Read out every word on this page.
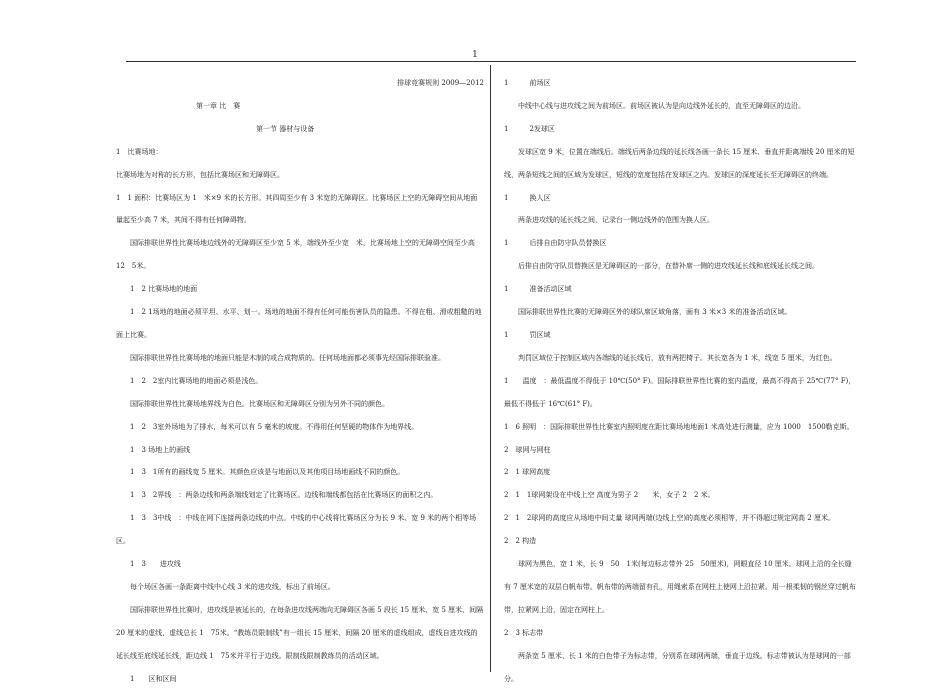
1

排球竞赛规则 2009—2012

第一章 比　赛

第一节 器材与设备

1　比赛场地：

比赛场地为对称的长方形，包括比赛场区和无障碍区。

1　1 面积：比赛场区为 1　米×9 米的长方形。其四周至少有 3 米宽的无障碍区。比赛场区上空的无障碍空间从地面量起至少高 7 米，其间不得有任何障碍物。

国际排联世界性比赛场地边线外的无障碍区至少宽 5 米，端线外至少宽　米，比赛场地上空的无障碍空间至少高 12　5米。

1　2 比赛场地的地面

1　2 1场地的地面必须平坦、水平、划一。场地的地面不得有任何可能伤害队员的隐患。不得在粗、滑或粗糙的地面上比赛。

国际排联世界性比赛场地的地面只能是木制的或合成物质的。任何场地面都必须事先经国际排联验准。

1　2　2室内比赛场地的地面必须是浅色。

国际排联世界性比赛场地界线为白色。比赛场区和无障碍区分别为另外不同的颜色。

1　2　3室外场地为了排水，每米可以有 5 毫米的坡度。不得用任何坚硬的物体作为地界线。

1　3 场地上的画线

1　3　1所有的画线宽 5 厘米。其颜色应该是与地面以及其他项目场地画线不同的颜色。

1　3　2界线　：两条边线和两条端线划定了比赛场区。边线和端线都包括在比赛场区的面积之内。

1　3　3中线　：中线在网下连接两条边线的中点。中线的中心线将比赛场区分为长 9 米、宽 9 米的两个相等场区。

1　3　　进攻线

每个场区各画一条距离中线中心线 3 米的进攻线，标出了前场区。

国际排联世界性比赛时，进攻线是被延长的，在每条进攻线两端向无障碍区各画 5 段长 15 厘米、宽 5 厘米、间隔 20 厘米的虚线，虚线总长 1　75米。“教练员限制线”有一组长 15 厘米、间隔 20 厘米的虚线组成，虚线自进攻线的延长线至底线延长线，距边线 1　75米并平行于边线。限制线限制教练员的活动区域。

1　　区和区间

1　　　前场区

中线中心线与进攻线之间为前场区。前场区被认为是向边线外延长的，直至无障碍区的边沿。

1　　　2发球区

发球区宽 9 米，位置在端线后。端线后两条边线的延长线各画一条长 15 厘米、垂直并距离端线 20 厘米的短线，两条短线之间的区域为发球区，短线的宽度包括在发球区之内。发球区的深度延长至无障碍区的终端。

1　　　换人区

两条进攻线的延长线之间，记录台一侧边线外的范围为换人区。

1　　　后排自由防守队员替换区

后排自由防守队员替换区是无障碍区的一部分，在替补席一侧的进攻线延长线和底线延长线之间。

1　　　准备活动区域

国际排联世界性比赛的无障碍区外的球队席区域角落，画有 3 米×3 米的准备活动区域。

1　　　罚区域

判罚区域位于控制区域内各端线的延长线后，放有两把椅子。其长宽各为 1 米，线宽 5 厘米，为红色。

1　　温度　：最低温度不得低于 10℃(50° F)。国际排联世界性比赛的室内温度，最高不得高于 25℃(77° F)，最低不得低于 16℃(61° F)。

1　6 照明　：国际排联世界性比赛室内照明度在距比赛场地地面1 米高处进行测量，应为 1000　1500勒克斯。

2　球网与网柱

2　1 球网高度

2　1　1球网架设在中线上空 高度为男子 2　　米，女子 2　2 米。

2　1　2球网的高度应从场地中间丈量 球网两端(边线上空)的高度必须相等，并不得超过规定网高 2 厘米。

2　2 构造

球网为黑色，宽 1 米，长 9　50　1米(每边标志带外 25　50厘米)，网眼直径 10 厘米。球网上沿的全长缝有 7 厘米宽的双层白帆布带。帆布带的两端留有孔，用绳索系在网柱上使网上沿拉紧。用一根柔韧的钢丝穿过帆布带，拉紧网上沿，固定在网柱上。

2　3 标志带

两条宽 5 厘米、长 1 米的白色带子为标志带，分别系在球网两端，垂直于边线。标志带被认为是球网的一部分。
